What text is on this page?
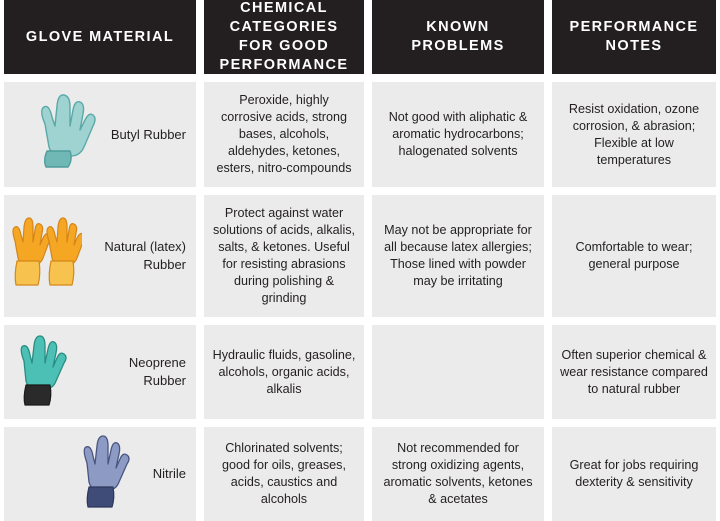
GLOVE MATERIAL
CHEMICAL CATEGORIES FOR GOOD PERFORMANCE
KNOWN PROBLEMS
PERFORMANCE NOTES
Butyl Rubber
Peroxide, highly corrosive acids, strong bases, alcohols, aldehydes, ketones, esters, nitro-compounds
Not good with aliphatic & aromatic hydrocarbons; halogenated solvents
Resist oxidation, ozone corrosion, & abrasion; Flexible at low temperatures
Natural (latex) Rubber
Protect against water solutions of acids, alkalis, salts, & ketones. Useful for resisting abrasions during polishing & grinding
May not be appropriate for all because latex allergies; Those lined with powder may be irritating
Comfortable to wear; general purpose
Neoprene Rubber
Hydraulic fluids, gasoline, alcohols, organic acids, alkalis
Often superior chemical & wear resistance compared to natural rubber
Nitrile
Chlorinated solvents; good for oils, greases, acids, caustics and alcohols
Not recommended for strong oxidizing agents, aromatic solvents, ketones & acetates
Great for jobs requiring dexterity & sensitivity
